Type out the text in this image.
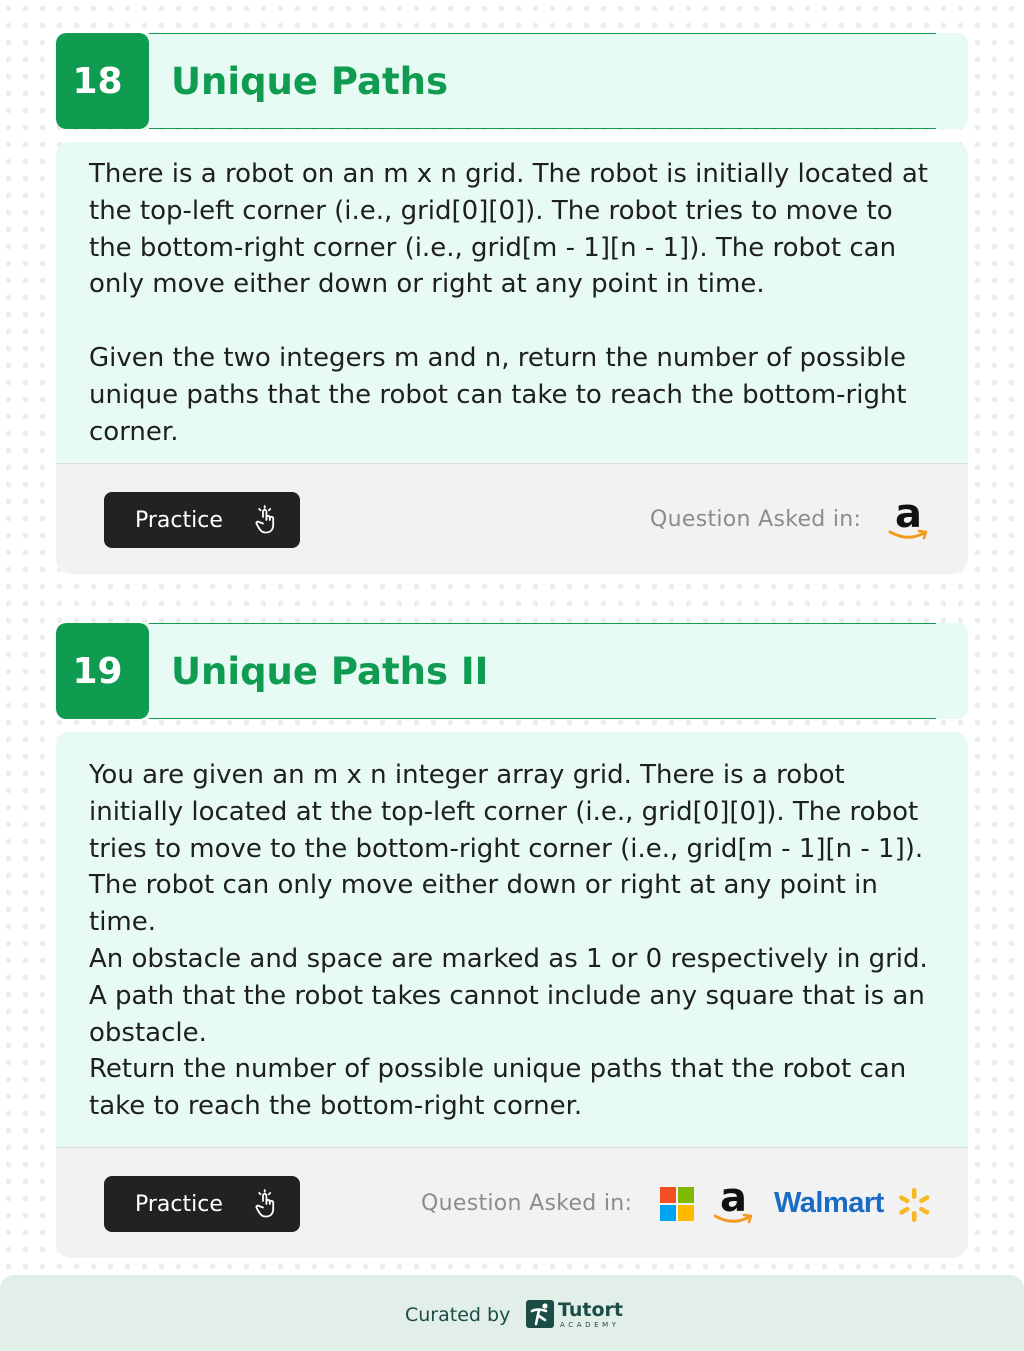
18	Unique Paths

There is a robot on an m x n grid. The robot is initially located at the top-left corner (i.e., grid[0][0]). The robot tries to move to the bottom-right corner (i.e., grid[m - 1][n - 1]). The robot can only move either down or right at any point in time.

Given the two integers m and n, return the number of possible unique paths that the robot can take to reach the bottom-right corner.

Practice	Question Asked in: a
19	Unique Paths II

You are given an m x n integer array grid. There is a robot initially located at the top-left corner (i.e., grid[0][0]). The robot tries to move to the bottom-right corner (i.e., grid[m - 1][n - 1]). The robot can only move either down or right at any point in time.

An obstacle and space are marked as 1 or 0 respectively in grid. A path that the robot takes cannot include any square that is an obstacle.

Return the number of possible unique paths that the robot can take to reach the bottom-right corner.

Practice	Question Asked in: a Walmart
Curated by	Tutort
ACADEMY
